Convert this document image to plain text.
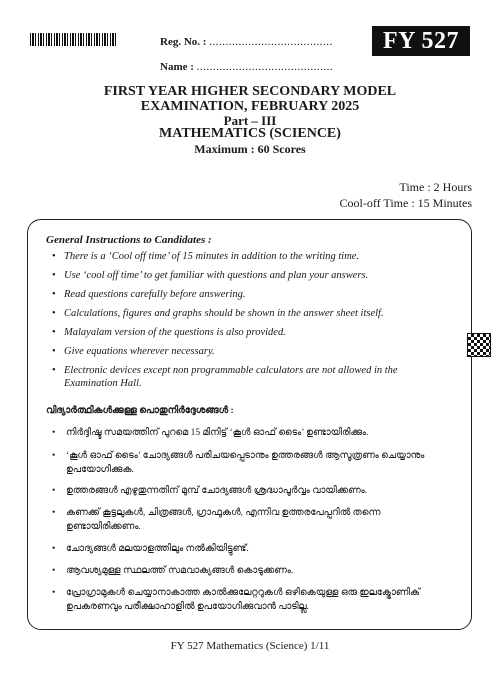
Reg. No. : ......................................
Name : ..........................................
FY 527
FIRST YEAR HIGHER SECONDARY MODEL
EXAMINATION, FEBRUARY 2025
Part – III
MATHEMATICS (SCIENCE)
Maximum : 60 Scores
Time : 2 Hours
Cool-off Time : 15 Minutes
General Instructions to Candidates :
• There is a ‘Cool off time’ of 15 minutes in addition to the writing time.
• Use ‘cool off time’ to get familiar with questions and plan your answers.
• Read questions carefully before answering.
• Calculations, figures and graphs should be shown in the answer sheet itself.
• Malayalam version of the questions is also provided.
• Give equations wherever necessary.
• Electronic devices except non programmable calculators are not allowed in the Examination Hall.
വിദ്യാർത്ഥികൾക്കുള്ള പൊതുനിർദ്ദേശങ്ങൾ :
• നിർദ്ദിഷ്ട സമയത്തിന് പുറമെ 15 മിനിട്ട് ‘കൂൾ ഓഫ് ടൈം’ ഉണ്ടായിരിക്കും.
• ‘കൂൾ ഓഫ് ടൈം’ ചോദ്യങ്ങൾ പരിചയപ്പെടാനും ഉത്തരങ്ങൾ ആസൂത്രണം ചെയ്യാനും ഉപയോഗിക്കുക.
• ഉത്തരങ്ങൾ എഴുതുന്നതിന് മുമ്പ് ചോദ്യങ്ങൾ ശ്രദ്ധാപൂർവ്വം വായിക്കണം.
• കണക്ക് കൂട്ടലുകൾ, ചിത്രങ്ങൾ, ഗ്രാഫുകൾ, എന്നിവ ഉത്തരപേപ്പറിൽ തന്നെ ഉണ്ടായിരിക്കണം.
• ചോദ്യങ്ങൾ മലയാളത്തിലും നൽകിയിട്ടുണ്ട്.
• ആവശ്യമുള്ള സ്ഥലത്ത് സമവാക്യങ്ങൾ കൊടുക്കണം.
• പ്രോഗ്രാമുകൾ ചെയ്യാനാകാത്ത കാൽക്കുലേറ്ററുകൾ ഒഴികെയുള്ള ഒരു ഇലക്ട്രോണിക് ഉപകരണവും പരീക്ഷാഹാളിൽ ഉപയോഗിക്കുവാൻ പാടില്ല.
FY 527 Mathematics (Science) 1/11
